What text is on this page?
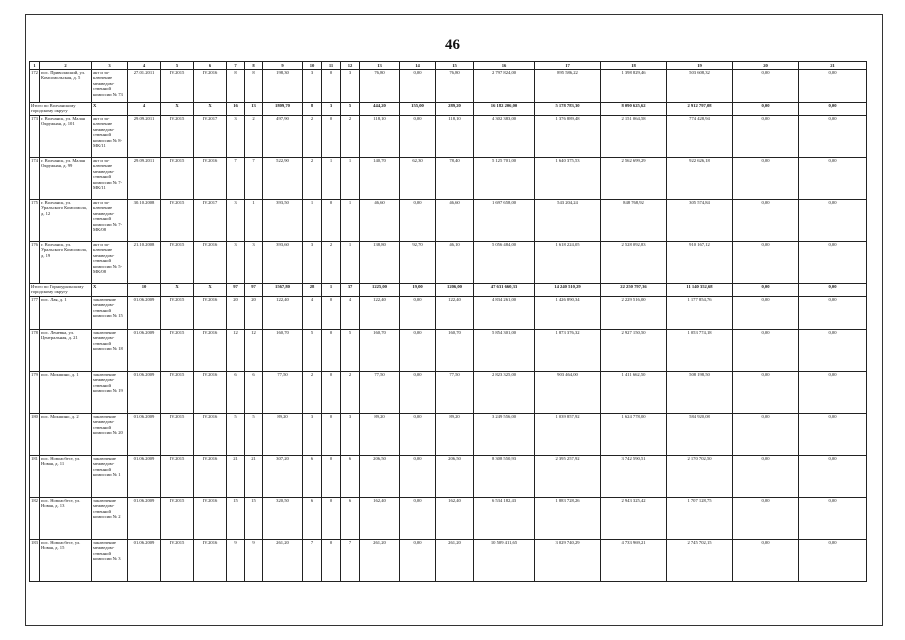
46
1	2	3	4	5	6	7	8	9	10	11	12	13	14	15	16	17	18	19	20	21
172	пос. Приволжский, ул. Комсомольская, д. 5	акт и за-ключение межведом-ственной комиссии № 73	27.01.2011	IV.2015	IV.2016	8	8	198,30	3	0	3	76,80	0,00	76,80	2 797 824,00	895 586,22	1 398 829,46	503 608,32	0,00	0,00
Итого по Волчанскому городскому округу		X	4	X	X	16	13	1809,70	8	3	5	444,20	155,00	289,20	16 182 206,00	5 178 783,30	8 090 625,62	2 912 797,08	0,00	0,00
173	г. Волчанск, ул. Малая Окружная, д. 101	акт и за-ключение межведом-ственной комиссии № 8-МК/11	29.09.2011	IV.2015	IV.2017	3	2	497,90	2	0	2	118,10	0,00	118,10	4 302 383,00	1 376 889,48	2 151 064,58	774 428,94	0,00	0,00
174	г. Волчанск, ул. Малая Окружная, д. 99	акт и за-ключение межведом-ственной комиссии № 7-МК/11	29.09.2011	IV.2015	IV.2016	7	7	522,90	2	1	1	140,70	62,30	78,40	5 125 701,00	1 640 375,53	2 562 699,29	922 626,18	0,00	0,00
175	г. Волчанск, ул. Уральского Комсомола, д. 12	акт и за-ключение межведом-ственной комиссии № 7-МК/08	30.10.2008	IV.2015	IV.2017	3	1	393,50	1	0	1	46,60	0,00	46,60	1 697 658,00	543 204,24	848 768,92	305 574,84	0,00	0,00
176	г. Волчанск, ул. Уральского Комсомола, д. 19	акт и за-ключение межведом-ственной комиссии № 5-МК/08	21.10.2008	IV.2015	IV.2016	3	3	393,60	3	2	1	138,80	92,70	46,10	5 056 484,00	1 618 224,05	2 528 092,83	910 167,12	0,00	0,00
Итого по Горноуральскому городскому округу		X	10	X	X	97	97	1567,80	28	1	37	1225,00	19,00	1206,00	47 631 660,33	14 240 510,29	22 250 797,36	11 140 352,68	0,00	0,00
177	пос. Лая, д. 1	заключение межведом-ственной комиссии № 15	01.06.2009	IV.2015	IV.2016	20	20	122,40	4	0	4	122,40	0,00	122,40	4 834 261,00	1 426 890,34	2 229 516,00	1 177 854,76	0,00	0,00
178	пос. Леневка, ул. Центральная, д. 21	заключение межведом-ственной комиссии № 18	01.06.2009	IV.2015	IV.2016	12	12	160,70	5	0	5	160,70	0,00	160,70	5 854 301,00	1 873 376,32	2 927 150,50	1 053 774,18	0,00	0,00
179	пос. Мокшино, д. 1	заключение межведом-ственной комиссии № 19	01.06.2009	IV.2015	IV.2016	6	6	77,50	2	0	2	77,50	0,00	77,50	2 823 325,00	903 464,00	1 411 662,50	508 198,50	0,00	0,00
180	пос. Мокшино, д. 2	заключение межведом-ственной комиссии № 20	01.06.2009	IV.2015	IV.2016	5	5	89,20	3	0	3	89,20	0,00	89,20	3 249 556,00	1 039 857,92	1 624 778,00	584 920,08	0,00	0,00
181	пос. Новоасбест, ул. Новая, д. 11	заключение межведом-ственной комиссии № 1	01.06.2009	IV.2015	IV.2016	21	21	307,20	6	0	6	206,50	0,00	206,50	8 308 550,93	2 395 257,92	3 742 590,51	2 170 702,50	0,00	0,00
182	пос. Новоасбест, ул. Новая, д. 13	заключение межведом-ственной комиссии № 2	01.06.2009	IV.2015	IV.2016	15	15	320,50	6	0	6	162,40	0,00	162,40	6 534 182,43	1 883 728,26	2 943 325,42	1 707 128,75	0,00	0,00
183	пос. Новоасбест, ул. Новая, д. 15	заключение межведом-ственной комиссии № 3	01.06.2009	IV.2015	IV.2016	9	9	261,20	7	0	7	261,20	0,00	261,20	10 509 411,65	3 029 740,29	4 733 969,21	2 745 702,15	0,00	0,00
